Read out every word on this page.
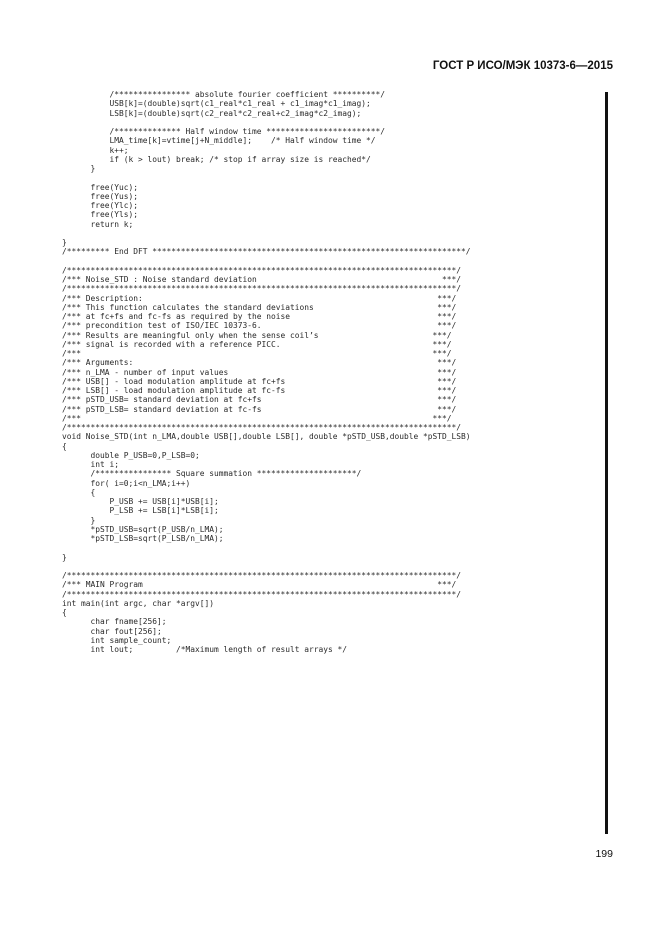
ГОСТ Р ИСО/МЭК 10373-6—2015
/**************** absolute fourier coefficient **********/
USB[k]=(double)sqrt(c1_real*c1_real + c1_imag*c1_imag);
LSB[k]=(double)sqrt(c2_real*c2_real+c2_imag*c2_imag);
/************** Half window time ************************/
LMA_time[k]=vtime[j+N_middle];    /* Half window time */
k++;
if (k > lout) break; /* stop if array size is reached*/
}
free(Yuc);
free(Yus);
free(Ylc);
free(Yls);
return k;
}
/********* End DFT ******************************************************************/
/**********************************************************************************/
/*** Noise_STD : Noise standard deviation                                       ***/
/**********************************************************************************/
/*** Description:                                                              ***/
/*** This function calculates the standard deviations                          ***/
/*** at fc+fs and fc-fs as required by the noise                               ***/
/*** precondition test of ISO/IEC 10373-6.                                     ***/
/*** Results are meaningful only when the sense coil’s                        ***/
/*** signal is recorded with a reference PICC.                                ***/
/***                                                                          ***/
/*** Arguments:                                                                ***/
/*** n_LMA - number of input values                                            ***/
/*** USB[] - load modulation amplitude at fc+fs                                ***/
/*** LSB[] - load modulation amplitude at fc-fs                                ***/
/*** pSTD_USB= standard deviation at fc+fs                                     ***/
/*** pSTD_LSB= standard deviation at fc-fs                                     ***/
/***                                                                          ***/
/**********************************************************************************/
void Noise_STD(int n_LMA,double USB[],double LSB[], double *pSTD_USB,double *pSTD_LSB)
{
double P_USB=0,P_LSB=0;
int i;
/**************** Square summation *********************/
for( i=0;i<n_LMA;i++)
{
P_USB += USB[i]*USB[i];
P_LSB += LSB[i]*LSB[i];
}
*pSTD_USB=sqrt(P_USB/n_LMA);
*pSTD_LSB=sqrt(P_LSB/n_LMA);
}
/**********************************************************************************/
/*** MAIN Program                                                              ***/
/**********************************************************************************/
int main(int argc, char *argv[])
{
char fname[256];
char fout[256];
int sample_count;
int lout;         /*Maximum length of result arrays */
199
